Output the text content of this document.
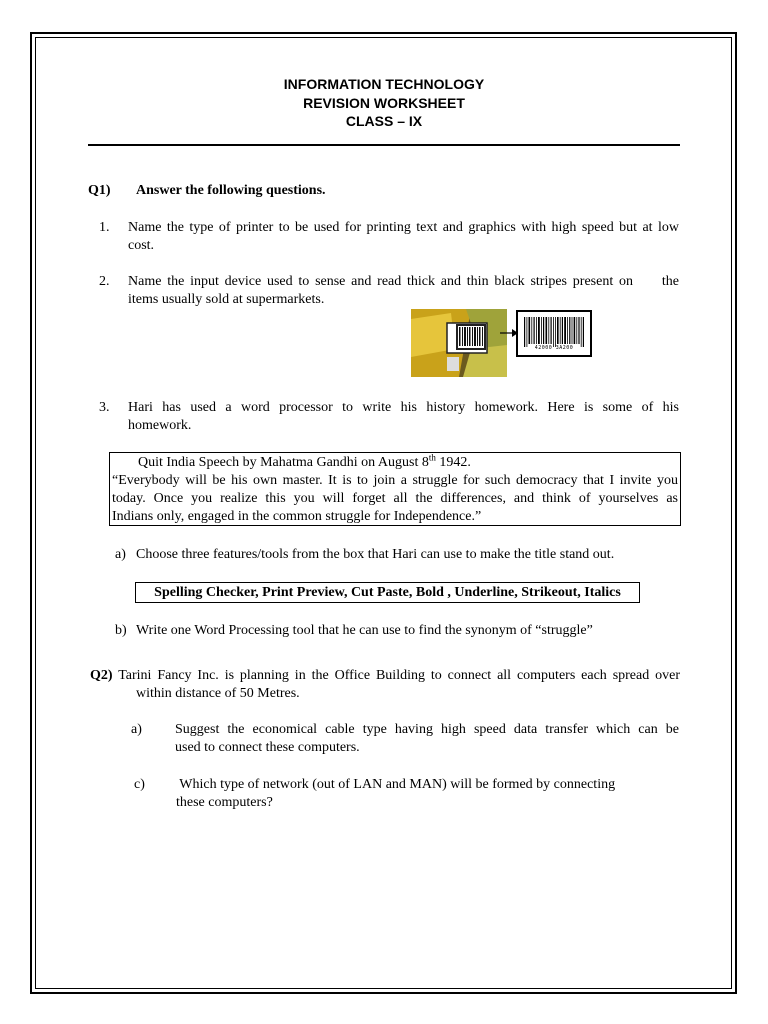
INFORMATION TECHNOLOGY
REVISION WORKSHEET
CLASS – IX
Q1) Answer the following questions.
1. Name the type of printer to be used for printing text and graphics with high speed but at low
cost.
2. Name the input device used to sense and read thick and thin black stripes present on     the
items usually sold at supermarkets.
42000 3A200
3. Hari has used a word processor to write his history homework. Here is some of his
homework.
Quit India Speech by Mahatma Gandhi on August 8th 1942.
“Everybody will be his own master. It is to join a struggle for such democracy that I invite you
today. Once you realize this you will forget all the differences, and think of yourselves as
Indians only, engaged in the common struggle for Independence.”
a) Choose three features/tools from the box that Hari can use to make the title stand out.
Spelling Checker, Print Preview, Cut Paste, Bold , Underline, Strikeout, Italics
b) Write one Word Processing tool that he can use to find the synonym of “struggle”
Q2) Tarini Fancy Inc. is planning in the Office Building to connect all computers each spread over
within distance of 50 Metres.
a) Suggest the economical cable type having high speed data transfer which can be
used to connect these computers.
c) Which type of network (out of LAN and MAN) will be formed by connecting
these computers?
